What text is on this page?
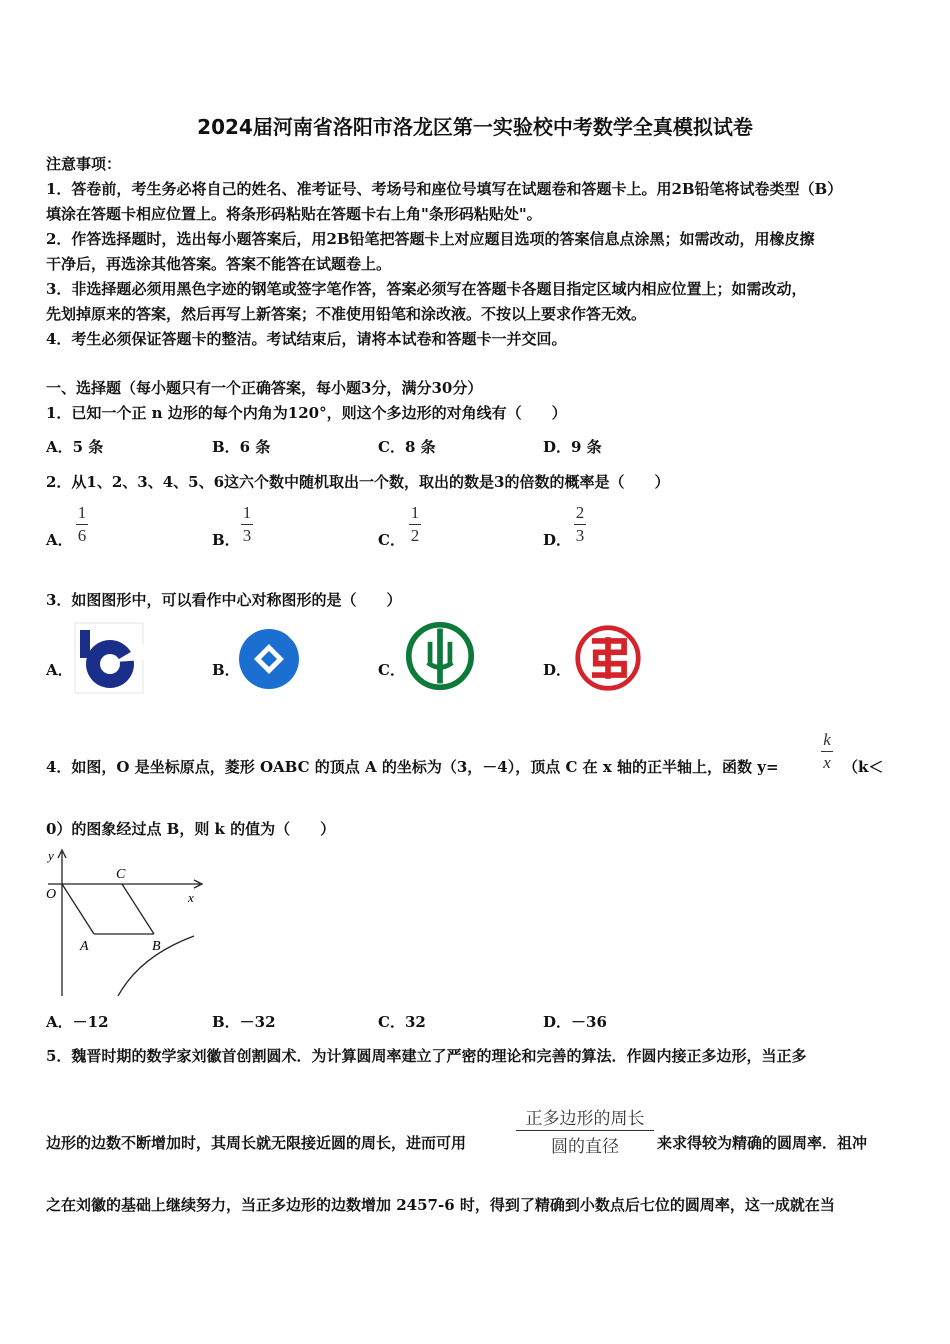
2024届河南省洛阳市洛龙区第一实验校中考数学全真模拟试卷
注意事项：
1．答卷前，考生务必将自己的姓名、准考证号、考场号和座位号填写在试题卷和答题卡上。用2B铅笔将试卷类型（B）
填涂在答题卡相应位置上。将条形码粘贴在答题卡右上角"条形码粘贴处"。
2．作答选择题时，选出每小题答案后，用2B铅笔把答题卡上对应题目选项的答案信息点涂黑；如需改动，用橡皮擦
干净后，再选涂其他答案。答案不能答在试题卷上。
3．非选择题必须用黑色字迹的钢笔或签字笔作答，答案必须写在答题卡各题目指定区域内相应位置上；如需改动，
先划掉原来的答案，然后再写上新答案；不准使用铅笔和涂改液。不按以上要求作答无效。
4．考生必须保证答题卡的整洁。考试结束后，请将本试卷和答题卡一并交回。
一、选择题（每小题只有一个正确答案，每小题3分，满分30分）
1．已知一个正 n 边形的每个内角为120°，则这个多边形的对角线有（　　）
A．5 条	B．6 条	C．8 条	D．9 条
2．从1、2、3、4、5、6这六个数中随机取出一个数，取出的数是3的倍数的概率是（　　）
A．
1
6	B．
1
3	C．
1
2	D．
2
3
3．如图图形中，可以看作中心对称图形的是（　　）
A．	B．	C．	D．
4．如图，O 是坐标原点，菱形 OABC 的顶点 A 的坐标为（3，－4），顶点 C 在 x 轴的正半轴上，函数 y=
k
x （k＜
0）的图象经过点 B，则 k 的值为（　　）
y
x
O
C
A	B
A．－12	B．－32	C．32	D．－36
5．魏晋时期的数学家刘徽首创割圆术．为计算圆周率建立了严密的理论和完善的算法．作圆内接正多边形，当正多
边形的边数不断增加时，其周长就无限接近圆的周长，进而可用
正多边形的周长
圆的直径	来求得较为精确的圆周率．祖冲
之在刘徽的基础上继续努力，当正多边形的边数增加 2457-6 时，得到了精确到小数点后七位的圆周率，这一成就在当
